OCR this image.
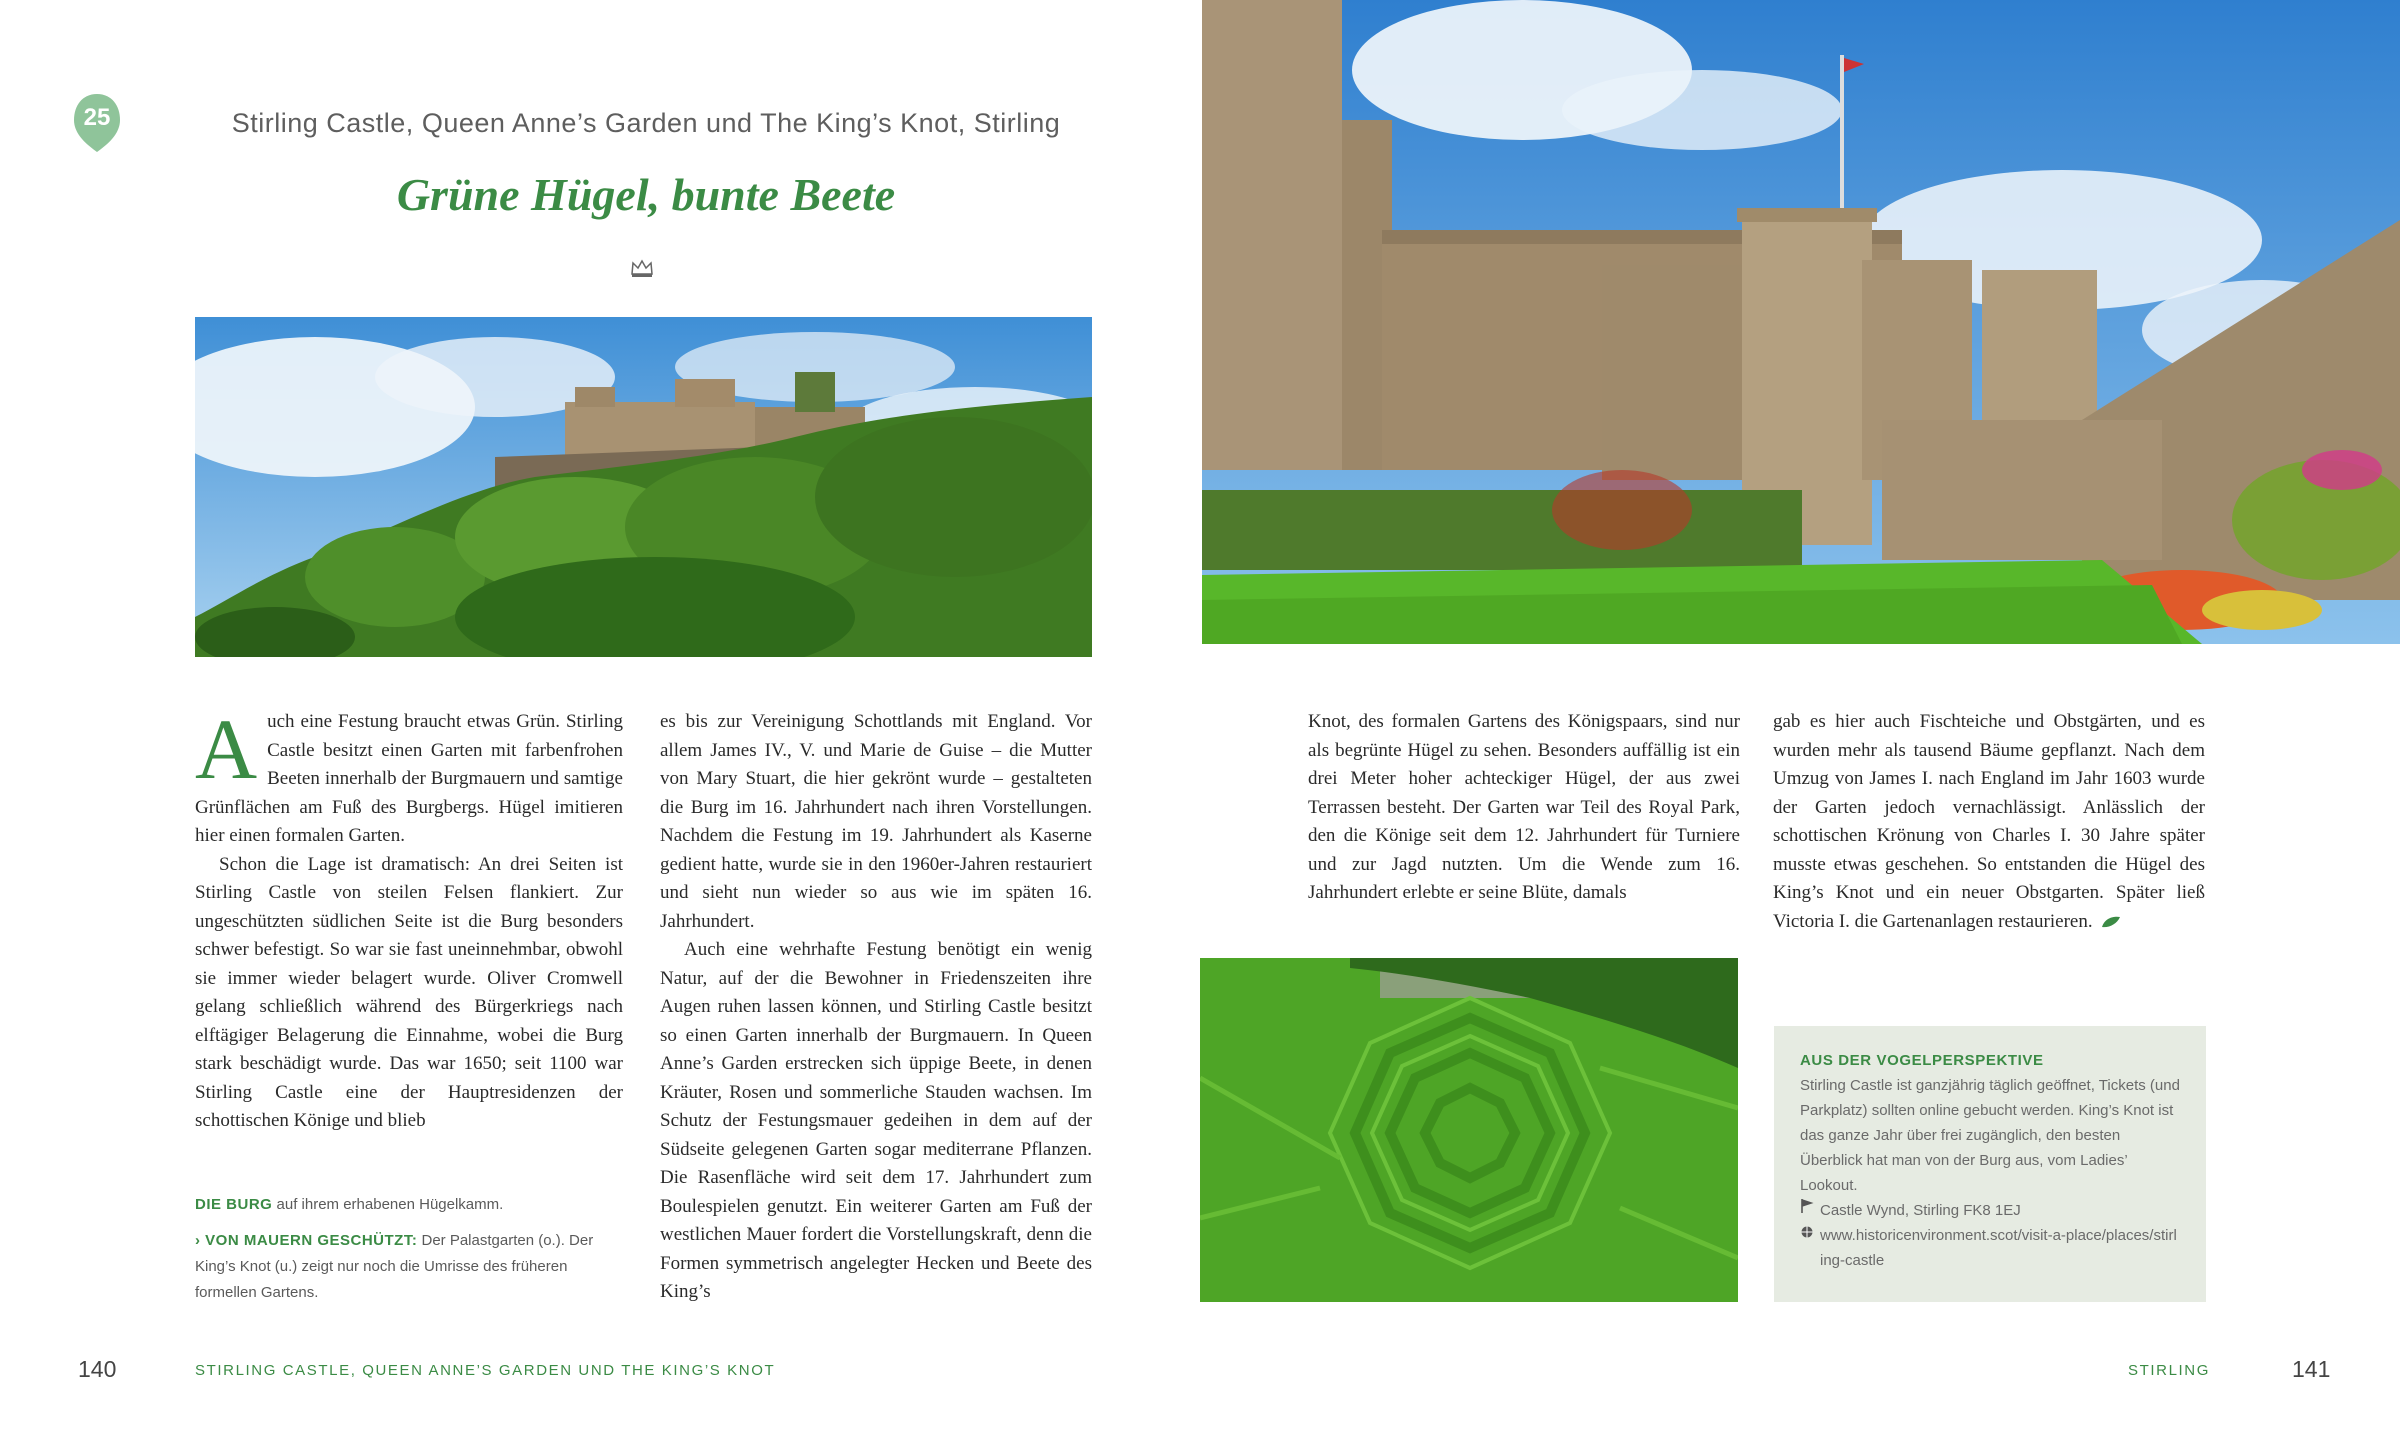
25	Stirling Castle, Queen Anne’s Garden und The King’s Knot, Stirling
Grüne Hügel, bunte Beete

Auch eine Festung braucht etwas Grün. Stirling Castle besitzt einen Garten mit farbenfrohen Beeten innerhalb der Burgmauern und samtige Grünflächen am Fuß des Burgbergs. Hügel imitieren hier einen formalen Garten.

Schon die Lage ist dramatisch: An drei Seiten ist Stirling Castle von steilen Felsen flankiert. Zur ungeschützten südlichen Seite ist die Burg besonders schwer befestigt. So war sie fast uneinnehmbar, obwohl sie immer wieder belagert wurde. Oliver Cromwell gelang schließlich während des Bürgerkriegs nach elftägiger Belagerung die Einnahme, wobei die Burg stark beschädigt wurde. Das war 1650; seit 1100 war Stirling Castle eine der Hauptresidenzen der schottischen Könige und blieb

es bis zur Vereinigung Schottlands mit England. Vor allem James IV., V. und Marie de Guise – die Mutter von Mary Stuart, die hier gekrönt wurde – gestalteten die Burg im 16. Jahrhundert nach ihren Vorstellungen. Nachdem die Festung im 19. Jahrhundert als Kaserne gedient hatte, wurde sie in den 1960er-Jahren restauriert und sieht nun wieder so aus wie im späten 16. Jahrhundert.

Auch eine wehrhafte Festung benötigt ein wenig Natur, auf der die Bewohner in Friedenszeiten ihre Augen ruhen lassen können, und Stirling Castle besitzt so einen Garten innerhalb der Burgmauern. In Queen Anne’s Garden erstrecken sich üppige Beete, in denen Kräuter, Rosen und sommerliche Stauden wachsen. Im Schutz der Festungsmauer gedeihen in dem auf der Südseite gelegenen Garten sogar mediterrane Pflanzen. Die Rasenfläche wird seit dem 17. Jahrhundert zum Boulespielen genutzt. Ein weiterer Garten am Fuß der westlichen Mauer fordert die Vorstellungskraft, denn die Formen symmetrisch angelegter Hecken und Beete des King’s

DIE BURG auf ihrem erhabenen Hügelkamm.

› VON MAUERN GESCHÜTZT: Der Palastgarten (o.). Der King’s Knot (u.) zeigt nur noch die Umrisse des früheren formellen Gartens.

140	STIRLING CASTLE, QUEEN ANNE’S GARDEN UND THE KING’S KNOT

Knot, des formalen Gartens des Königspaars, sind nur als begrünte Hügel zu sehen. Besonders auffällig ist ein drei Meter hoher achteckiger Hügel, der aus zwei Terrassen besteht. Der Garten war Teil des Royal Park, den die Könige seit dem 12. Jahrhundert für Turniere und zur Jagd nutzten. Um die Wende zum 16. Jahrhundert erlebte er seine Blüte, damals

gab es hier auch Fischteiche und Obstgärten, und es wurden mehr als tausend Bäume gepflanzt. Nach dem Umzug von James I. nach England im Jahr 1603 wurde der Garten jedoch vernachlässigt. Anlässlich der schottischen Krönung von Charles I. 30 Jahre später musste etwas geschehen. So entstanden die Hügel des King’s Knot und ein neuer Obstgarten. Später ließ Victoria I. die Gartenanlagen restaurieren.

STIRLING	141
AUS DER VOGELPERSPEKTIVE
Stirling Castle ist ganzjährig täglich geöffnet, Tickets (und Parkplatz) sollten online gebucht werden. King’s Knot ist das ganze Jahr über frei zugänglich, den besten Überblick hat man von der Burg aus, vom Ladies’ Lookout.
Castle Wynd, Stirling FK8 1EJ
www.historicenvironment.scot/visit-a-place/places/stirling-castle
